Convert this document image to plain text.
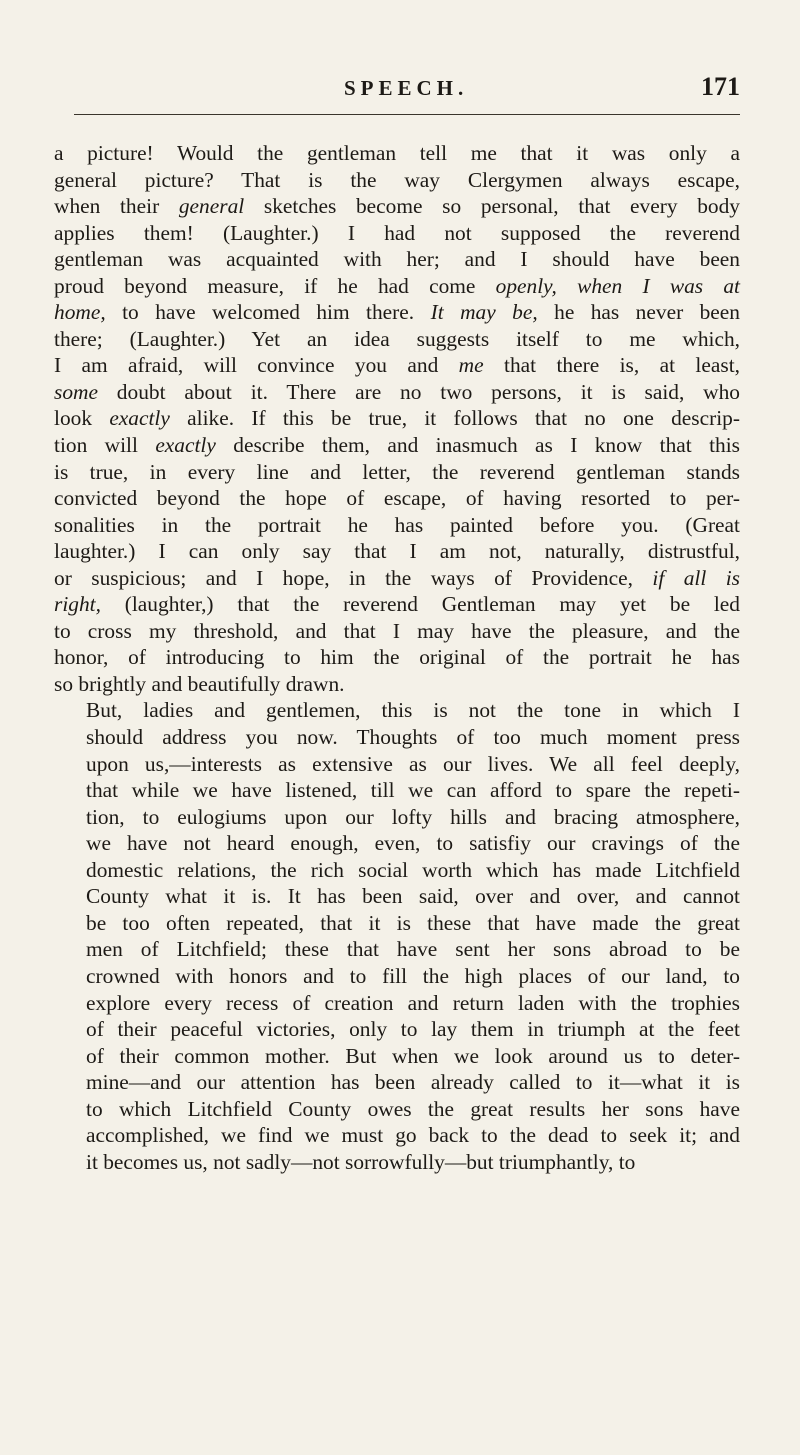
SPEECH.	171

a picture! Would the gentleman tell me that it was only a
general picture? That is the way Clergymen always escape,
when their general sketches become so personal, that every body
applies them! (Laughter.) I had not supposed the reverend
gentleman was acquainted with her; and I should have been
proud beyond measure, if he had come openly, when I was at
home, to have welcomed him there. It may be, he has never been
there; (Laughter.) Yet an idea suggests itself to me which,
I am afraid, will convince you and me that there is, at least,
some doubt about it. There are no two persons, it is said, who
look exactly alike. If this be true, it follows that no one descrip-
tion will exactly describe them, and inasmuch as I know that this
is true, in every line and letter, the reverend gentleman stands
convicted beyond the hope of escape, of having resorted to per-
sonalities in the portrait he has painted before you. (Great
laughter.) I can only say that I am not, naturally, distrustful,
or suspicious; and I hope, in the ways of Providence, if all is
right, (laughter,) that the reverend Gentleman may yet be led
to cross my threshold, and that I may have the pleasure, and the
honor, of introducing to him the original of the portrait he has
so brightly and beautifully drawn.

But, ladies and gentlemen, this is not the tone in which I
should address you now. Thoughts of too much moment press
upon us,—interests as extensive as our lives. We all feel deeply,
that while we have listened, till we can afford to spare the repeti-
tion, to eulogiums upon our lofty hills and bracing atmosphere,
we have not heard enough, even, to satisfiy our cravings of the
domestic relations, the rich social worth which has made Litchfield
County what it is. It has been said, over and over, and cannot
be too often repeated, that it is these that have made the great
men of Litchfield; these that have sent her sons abroad to be
crowned with honors and to fill the high places of our land, to
explore every recess of creation and return laden with the trophies
of their peaceful victories, only to lay them in triumph at the feet
of their common mother. But when we look around us to deter-
mine—and our attention has been already called to it—what it is
to which Litchfield County owes the great results her sons have
accomplished, we find we must go back to the dead to seek it; and
it becomes us, not sadly—not sorrowfully—but triumphantly, to
